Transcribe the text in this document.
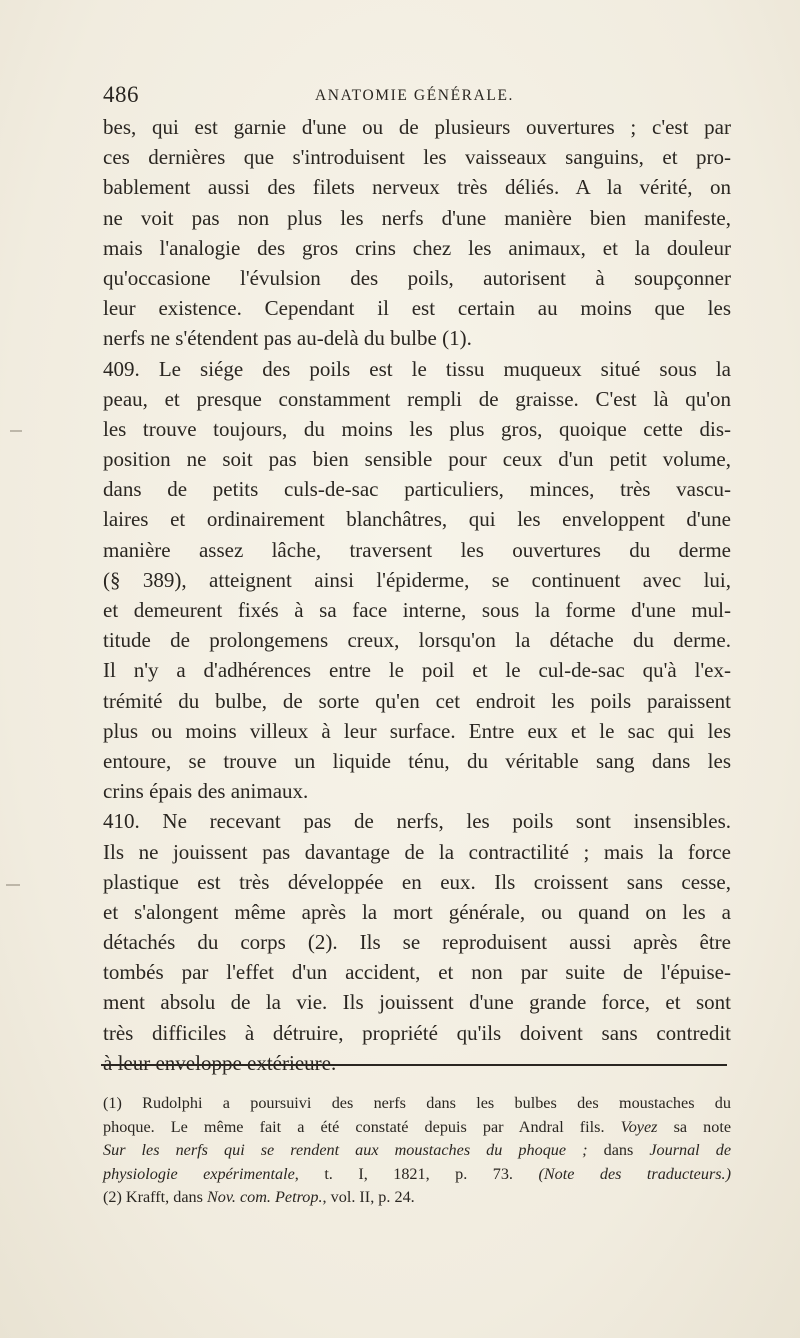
486	ANATOMIE GÉNÉRALE.
bes, qui est garnie d'une ou de plusieurs ouvertures ; c'est par
ces dernières que s'introduisent les vaisseaux sanguins, et pro-
bablement aussi des filets nerveux très déliés. A la vérité, on
ne voit pas non plus les nerfs d'une manière bien manifeste,
mais l'analogie des gros crins chez les animaux, et la douleur
qu'occasione l'évulsion des poils, autorisent à soupçonner
leur existence. Cependant il est certain au moins que les
nerfs ne s'étendent pas au-delà du bulbe (1).
409. Le siége des poils est le tissu muqueux situé sous la
peau, et presque constamment rempli de graisse. C'est là qu'on
les trouve toujours, du moins les plus gros, quoique cette dis-
position ne soit pas bien sensible pour ceux d'un petit volume,
dans de petits culs-de-sac particuliers, minces, très vascu-
laires et ordinairement blanchâtres, qui les enveloppent d'une
manière assez lâche, traversent les ouvertures du derme
(§ 389), atteignent ainsi l'épiderme, se continuent avec lui,
et demeurent fixés à sa face interne, sous la forme d'une mul-
titude de prolongemens creux, lorsqu'on la détache du derme.
Il n'y a d'adhérences entre le poil et le cul-de-sac qu'à l'ex-
trémité du bulbe, de sorte qu'en cet endroit les poils paraissent
plus ou moins villeux à leur surface. Entre eux et le sac qui les
entoure, se trouve un liquide ténu, du véritable sang dans les
crins épais des animaux.
410. Ne recevant pas de nerfs, les poils sont insensibles.
Ils ne jouissent pas davantage de la contractilité ; mais la force
plastique est très développée en eux. Ils croissent sans cesse,
et s'alongent même après la mort générale, ou quand on les a
détachés du corps (2). Ils se reproduisent aussi après être
tombés par l'effet d'un accident, et non par suite de l'épuise-
ment absolu de la vie. Ils jouissent d'une grande force, et sont
très difficiles à détruire, propriété qu'ils doivent sans contredit
à leur enveloppe extérieure.
(1) Rudolphi a poursuivi des nerfs dans les bulbes des moustaches du
phoque. Le même fait a été constaté depuis par Andral fils. Voyez sa note
Sur les nerfs qui se rendent aux moustaches du phoque ; dans Journal de
physiologie expérimentale, t. I, 1821, p. 73. (Note des traducteurs.)
(2) Krafft, dans Nov. com. Petrop., vol. II, p. 24.
